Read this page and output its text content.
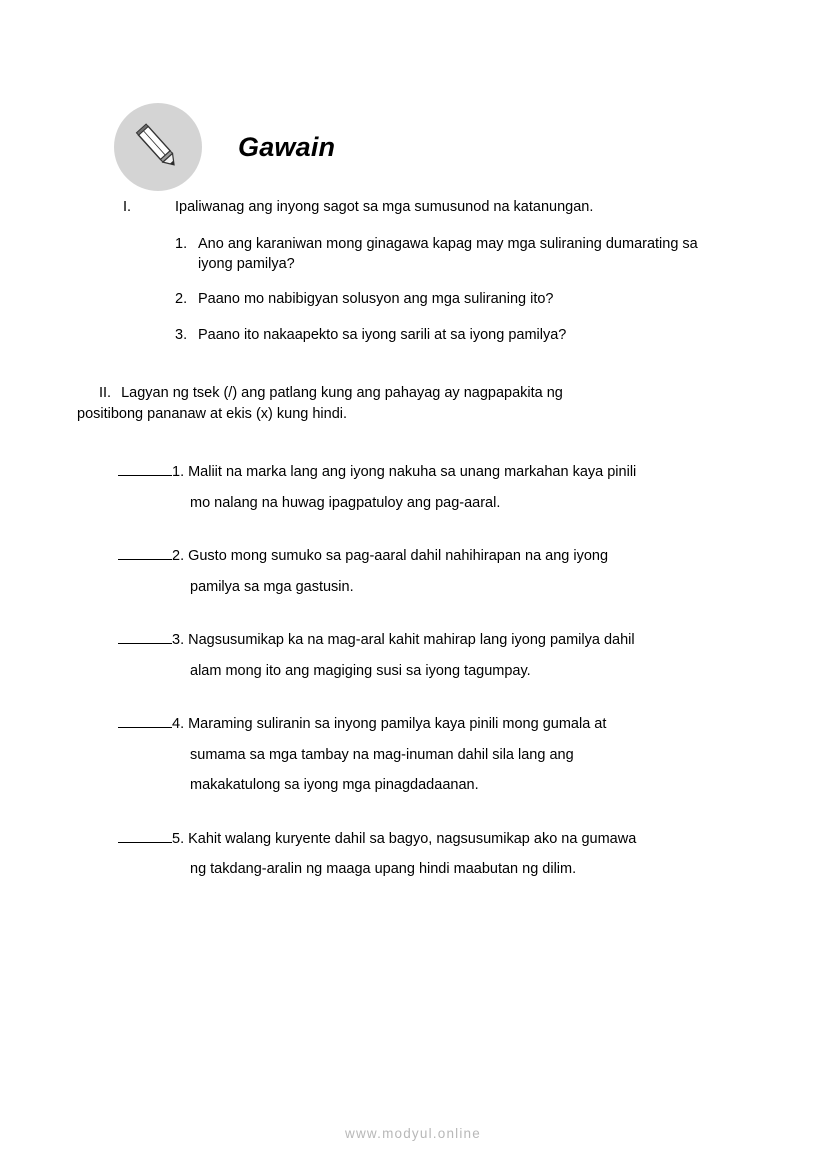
Gawain
I.	Ipaliwanag ang inyong sagot sa mga sumusunod na katanungan.
1. Ano ang karaniwan mong ginagawa kapag may mga suliraning dumarating sa iyong pamilya?
2. Paano mo nabibigyan solusyon ang mga suliraning ito?
3. Paano ito nakaapekto sa iyong sarili at sa iyong pamilya?
II. Lagyan ng tsek (/) ang patlang kung ang pahayag ay nagpapakita ng
positibong pananaw at ekis (x) kung hindi.
1. Maliit na marka lang ang iyong nakuha sa unang markahan kaya pinili
mo nalang na huwag ipagpatuloy ang pag-aaral.
2. Gusto mong sumuko sa pag-aaral dahil nahihirapan na ang iyong
pamilya sa mga gastusin.
3. Nagsusumikap ka na mag-aral kahit mahirap lang iyong pamilya dahil
alam mong ito ang magiging susi sa iyong tagumpay.
4. Maraming suliranin sa inyong pamilya kaya pinili mong gumala at
sumama sa mga tambay na mag-inuman dahil sila lang ang
makakatulong sa iyong mga pinagdadaanan.
5. Kahit walang kuryente dahil sa bagyo, nagsusumikap ako na gumawa
ng takdang-aralin ng maaga upang hindi maabutan ng dilim.
www.modyul.online
